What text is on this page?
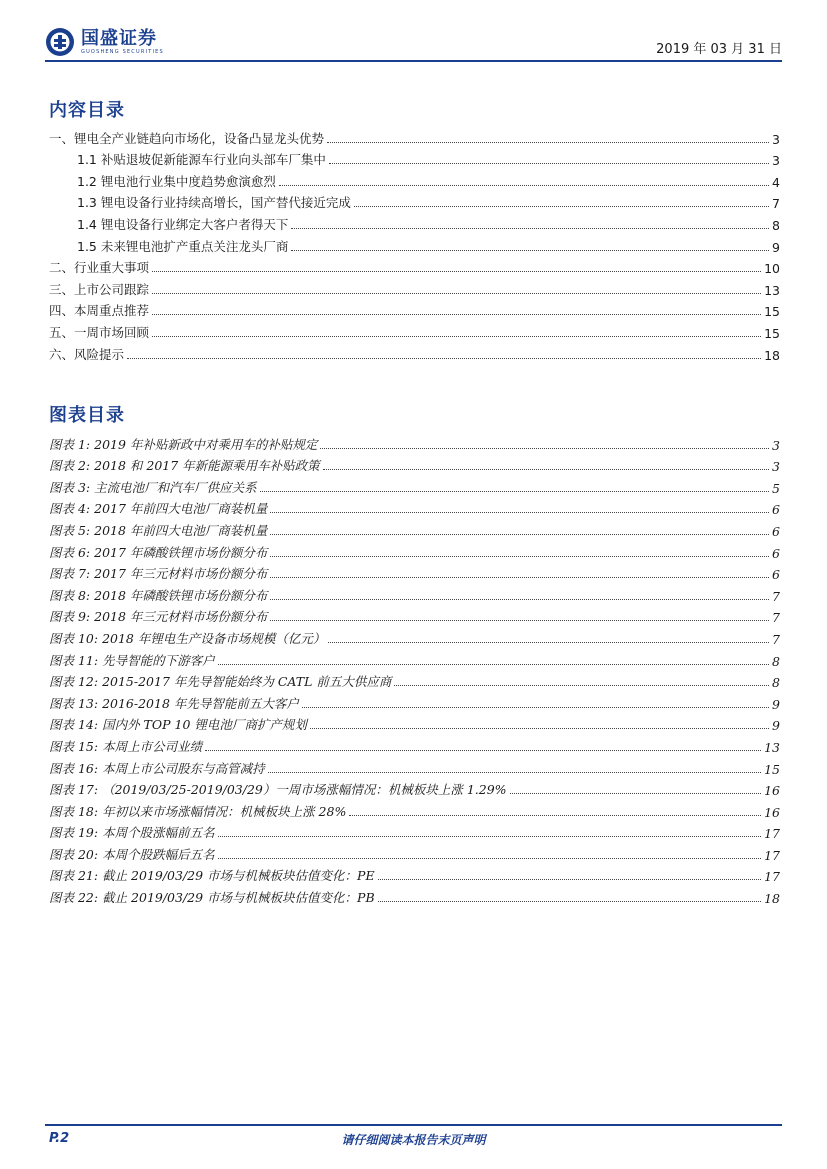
国盛证券
GUOSHENG SECURITIES	2019 年 03 月 31 日
内容目录
一、锂电全产业链趋向市场化，设备凸显龙头优势	3
1.1 补贴退坡促新能源车行业向头部车厂集中	3
1.2 锂电池行业集中度趋势愈演愈烈	4
1.3 锂电设备行业持续高增长，国产替代接近完成	7
1.4 锂电设备行业绑定大客户者得天下	8
1.5 未来锂电池扩产重点关注龙头厂商	9
二、行业重大事项	10
三、上市公司跟踪	13
四、本周重点推荐	15
五、一周市场回顾	15
六、风险提示	18
图表目录
图表 1: 2019 年补贴新政中对乘用车的补贴规定	3
图表 2: 2018 和 2017 年新能源乘用车补贴政策	3
图表 3: 主流电池厂和汽车厂供应关系	5
图表 4: 2017 年前四大电池厂商装机量	6
图表 5: 2018 年前四大电池厂商装机量	6
图表 6: 2017 年磷酸铁锂市场份额分布	6
图表 7: 2017 年三元材料市场份额分布	6
图表 8: 2018 年磷酸铁锂市场份额分布	7
图表 9: 2018 年三元材料市场份额分布	7
图表 10: 2018 年锂电生产设备市场规模（亿元）	7
图表 11: 先导智能的下游客户	8
图表 12: 2015-2017 年先导智能始终为 CATL 前五大供应商	8
图表 13: 2016-2018 年先导智能前五大客户	9
图表 14: 国内外 TOP 10 锂电池厂商扩产规划	9
图表 15: 本周上市公司业绩	13
图表 16: 本周上市公司股东与高管减持	15
图表 17: （2019/03/25-2019/03/29）一周市场涨幅情况：机械板块上涨 1.29%	16
图表 18: 年初以来市场涨幅情况：机械板块上涨 28%	16
图表 19: 本周个股涨幅前五名	17
图表 20: 本周个股跌幅后五名	17
图表 21: 截止 2019/03/29 市场与机械板块估值变化：PE	17
图表 22: 截止 2019/03/29 市场与机械板块估值变化：PB	18
P.2	请仔细阅读本报告末页声明
